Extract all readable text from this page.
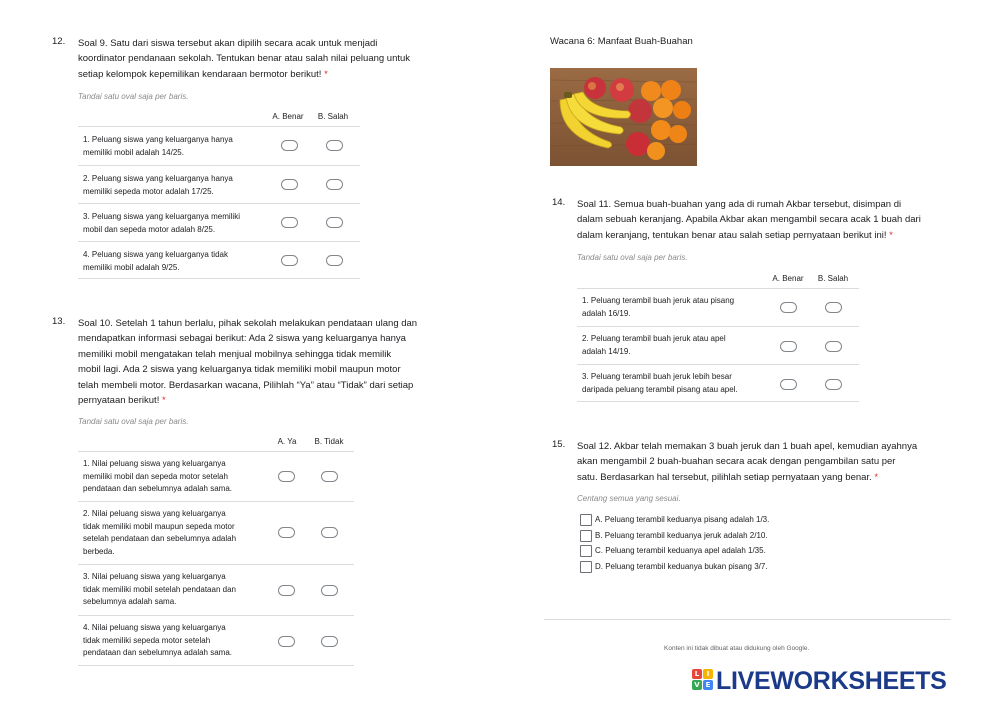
12. Soal 9. Satu dari siswa tersebut akan dipilih secara acak untuk menjadi
koordinator pendanaan sekolah. Tentukan benar atau salah nilai peluang untuk
setiap kelompok kepemilikan kendaraan bermotor berikut! *
Tandai satu oval saja per baris.
A. Benar	B. Salah
1. Peluang siswa yang keluarganya hanya
memiliki mobil adalah 14/25.
2. Peluang siswa yang keluarganya hanya
memiliki sepeda motor adalah 17/25.
3. Peluang siswa yang keluarganya memiliki
mobil dan sepeda motor adalah 8/25.
4. Peluang siswa yang keluarganya tidak
memiliki mobil adalah 9/25.
13. Soal 10. Setelah 1 tahun berlalu, pihak sekolah melakukan pendataan ulang dan
mendapatkan informasi sebagai berikut: Ada 2 siswa yang keluarganya hanya
memiliki mobil mengatakan telah menjual mobilnya sehingga tidak memilik
mobil lagi. Ada 2 siswa yang keluarganya tidak memiliki mobil maupun motor
telah membeli motor. Berdasarkan wacana, Pilihlah “Ya” atau “Tidak” dari setiap
pernyataan berikut! *
Tandai satu oval saja per baris.
A. Ya	B. Tidak
1. Nilai peluang siswa yang keluarganya
memiliki mobil dan sepeda motor setelah
pendataan dan sebelumnya adalah sama.
2. Nilai peluang siswa yang keluarganya
tidak memiliki mobil maupun sepeda motor
setelah pendataan dan sebelumnya adalah
berbeda.
3. Nilai peluang siswa yang keluarganya
tidak memiliki mobil setelah pendataan dan
sebelumnya adalah sama.
4. Nilai peluang siswa yang keluarganya
tidak memiliki sepeda motor setelah
pendataan dan sebelumnya adalah sama.
Wacana 6: Manfaat Buah-Buahan
14. Soal 11. Semua buah-buahan yang ada di rumah Akbar tersebut, disimpan di
dalam sebuah keranjang. Apabila Akbar akan mengambil secara acak 1 buah dari
dalam keranjang, tentukan benar atau salah setiap pernyataan berikut ini! *
Tandai satu oval saja per baris.
A. Benar	B. Salah
1. Peluang terambil buah jeruk atau pisang
adalah 16/19.
2. Peluang terambil buah jeruk atau apel
adalah 14/19.
3. Peluang terambil buah jeruk lebih besar
daripada peluang terambil pisang atau apel.
15. Soal 12. Akbar telah memakan 3 buah jeruk dan 1 buah apel, kemudian ayahnya
akan mengambil 2 buah-buahan secara acak dengan pengambilan satu per
satu. Berdasarkan hal tersebut, pilihlah setiap pernyataan yang benar. *
Centang semua yang sesuai.
A. Peluang terambil keduanya pisang adalah 1/3.
B. Peluang terambil keduanya jeruk adalah 2/10.
C. Peluang terambil keduanya apel adalah 1/35.
D. Peluang terambil keduanya bukan pisang 3/7.
Konten ini tidak dibuat atau didukung oleh Google.
L	I
V E LIVEWORKSHEETS
